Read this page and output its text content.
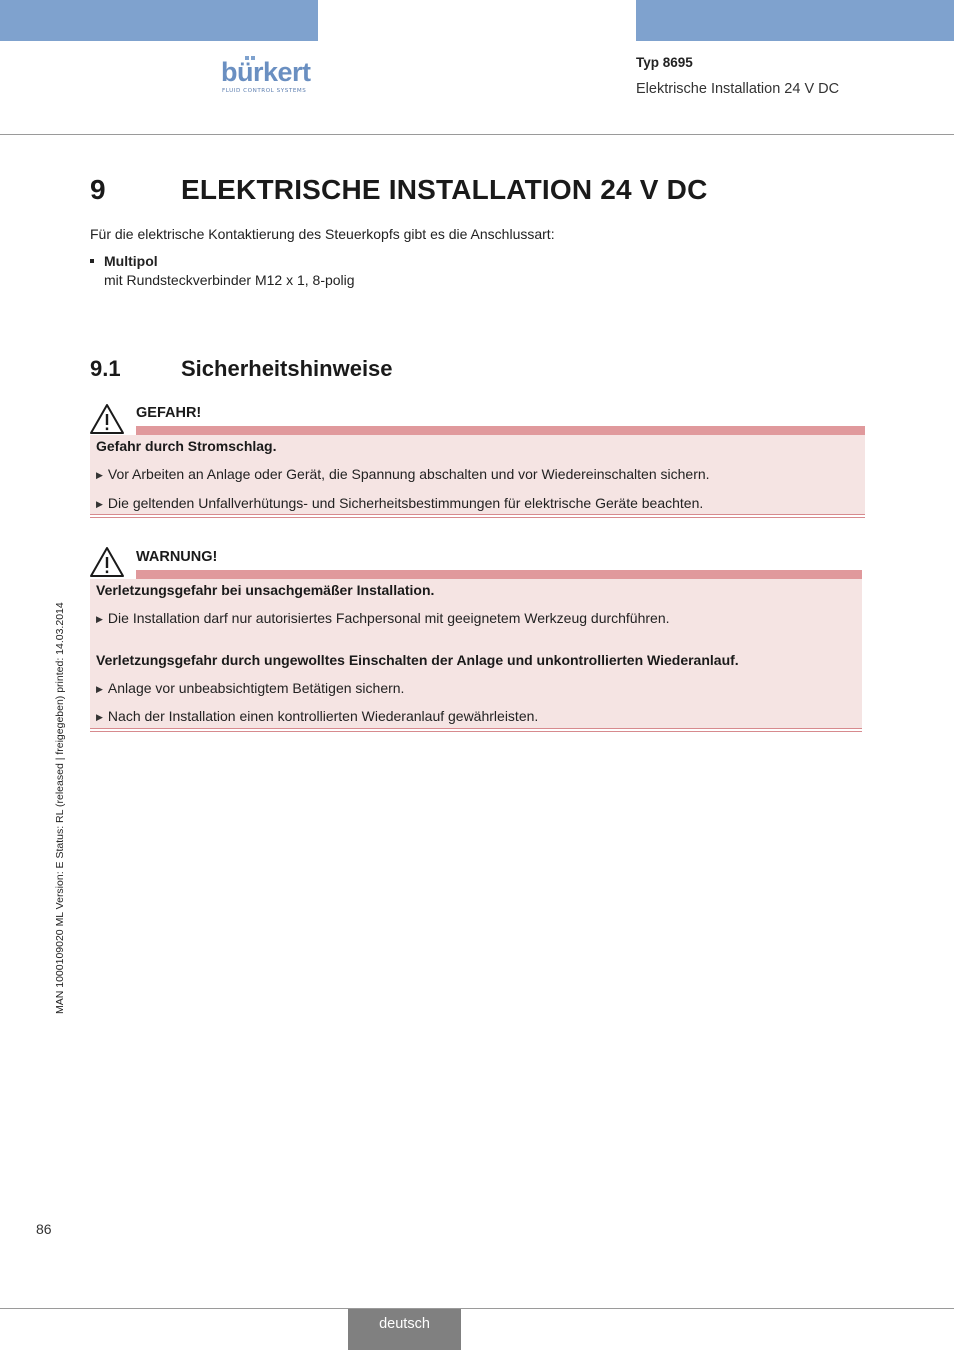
bürkert
FLUID CONTROL SYSTEMS
Typ 8695
Elektrische Installation 24 V DC
9	ELEKTRISCHE INSTALLATION 24 V DC
Für die elektrische Kontaktierung des Steuerkopfs gibt es die Anschlussart:
Multipol
mit Rundsteckverbinder M12 x 1, 8-polig
9.1	Sicherheitshinweise
GEFAHR!
Gefahr durch Stromschlag.
▶ Vor Arbeiten an Anlage oder Gerät, die Spannung abschalten und vor Wiedereinschalten sichern.
▶ Die geltenden Unfallverhütungs- und Sicherheitsbestimmungen für elektrische Geräte beachten.
WARNUNG!
Verletzungsgefahr bei unsachgemäßer Installation.
▶ Die Installation darf nur autorisiertes Fachpersonal mit geeignetem Werkzeug durchführen.
Verletzungsgefahr durch ungewolltes Einschalten der Anlage und unkontrollierten Wiederanlauf.
▶ Anlage vor unbeabsichtigtem Betätigen sichern.
▶ Nach der Installation einen kontrollierten Wiederanlauf gewährleisten.
MAN 1000109020 ML Version: E Status: RL (released | freigegeben) printed: 14.03.2014
86
deutsch
